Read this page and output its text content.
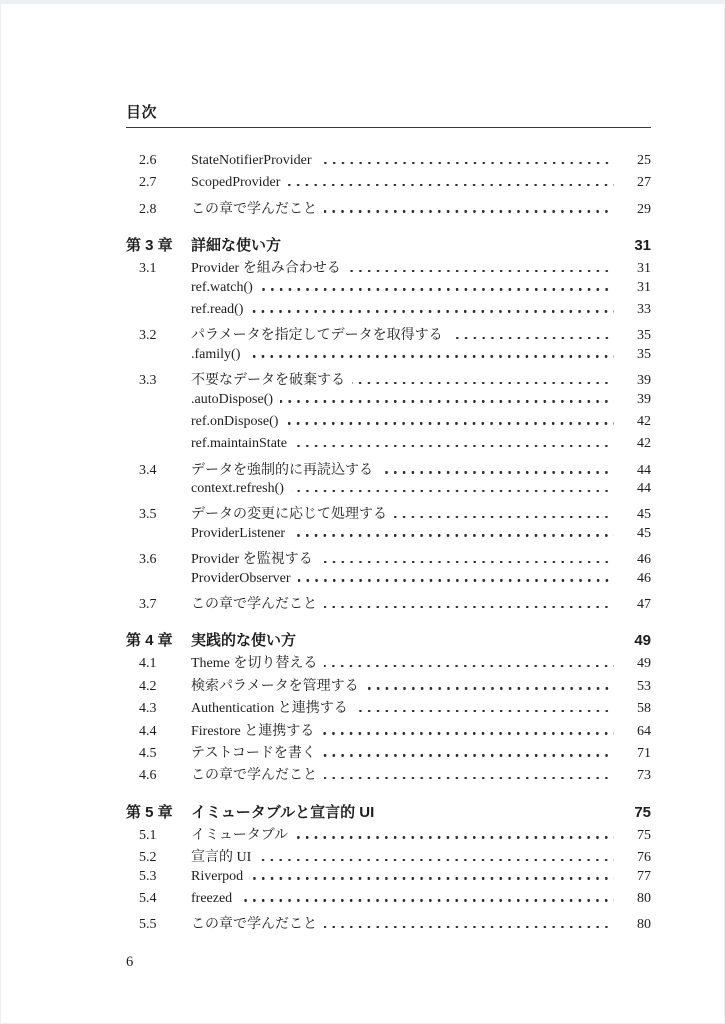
目次
2.6	StateNotifierProvider	25
2.7	ScopedProvider	27
2.8	この章で学んだこと	29
第 3 章	詳細な使い方	31
3.1	Provider を組み合わせる	31
ref.watch()	31
ref.read()	33
3.2	パラメータを指定してデータを取得する	35
.family()	35
3.3	不要なデータを破棄する	39
.autoDispose()	39
ref.onDispose()	42
ref.maintainState	42
3.4	データを強制的に再読込する	44
context.refresh()	44
3.5	データの変更に応じて処理する	45
ProviderListener	45
3.6	Provider を監視する	46
ProviderObserver	46
3.7	この章で学んだこと	47
第 4 章	実践的な使い方	49
4.1	Theme を切り替える	49
4.2	検索パラメータを管理する	53
4.3	Authentication と連携する	58
4.4	Firestore と連携する	64
4.5	テストコードを書く	71
4.6	この章で学んだこと	73
第 5 章	イミュータブルと宣言的 UI	75
5.1	イミュータブル	75
5.2	宣言的 UI	76
5.3	Riverpod	77
5.4	freezed	80
5.5	この章で学んだこと	80
6
